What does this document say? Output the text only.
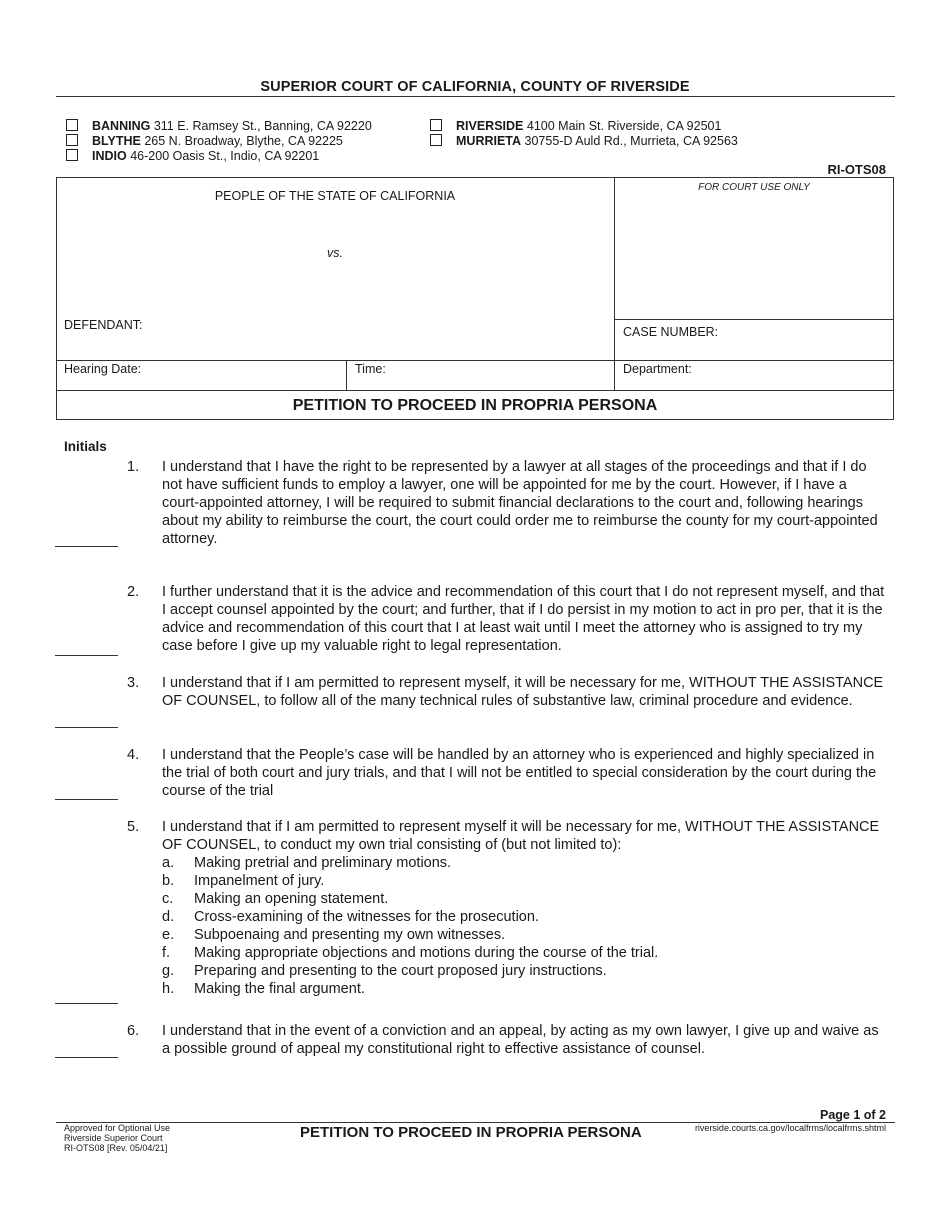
SUPERIOR COURT OF CALIFORNIA, COUNTY OF RIVERSIDE
BANNING 311 E. Ramsey St., Banning, CA 92220
BLYTHE 265 N. Broadway, Blythe, CA 92225
INDIO 46-200 Oasis St., Indio, CA 92201
RIVERSIDE 4100 Main St. Riverside, CA 92501
MURRIETA 30755-D Auld Rd., Murrieta, CA 92563
RI-OTS08
PEOPLE OF THE STATE OF CALIFORNIA
vs.
DEFENDANT:
FOR COURT USE ONLY
CASE NUMBER:
Hearing Date:	Time:	Department:
PETITION TO PROCEED IN PROPRIA PERSONA
Initials
1. I understand that I have the right to be represented by a lawyer at all stages of the proceedings and that if I do not have sufficient funds to employ a lawyer, one will be appointed for me by the court. However, if I have a court-appointed attorney, I will be required to submit financial declarations to the court and, following hearings about my ability to reimburse the court, the court could order me to reimburse the county for my court-appointed attorney.
2. I further understand that it is the advice and recommendation of this court that I do not represent myself, and that I accept counsel appointed by the court; and further, that if I do persist in my motion to act in pro per, that it is the advice and recommendation of this court that I at least wait until I meet the attorney who is assigned to try my case before I give up my valuable right to legal representation.
3. I understand that if I am permitted to represent myself, it will be necessary for me, WITHOUT THE ASSISTANCE OF COUNSEL, to follow all of the many technical rules of substantive law, criminal procedure and evidence.
4. I understand that the People’s case will be handled by an attorney who is experienced and highly specialized in the trial of both court and jury trials, and that I will not be entitled to special consideration by the court during the course of the trial
5. I understand that if I am permitted to represent myself it will be necessary for me, WITHOUT THE ASSISTANCE OF COUNSEL, to conduct my own trial consisting of (but not limited to):
a. Making pretrial and preliminary motions.
b. Impanelment of jury.
c. Making an opening statement.
d. Cross-examining of the witnesses for the prosecution.
e. Subpoenaing and presenting my own witnesses.
f. Making appropriate objections and motions during the course of the trial.
g. Preparing and presenting to the court proposed jury instructions.
h. Making the final argument.
6. I understand that in the event of a conviction and an appeal, by acting as my own lawyer, I give up and waive as a possible ground of appeal my constitutional right to effective assistance of counsel.
Page 1 of 2
Approved for Optional Use
Riverside Superior Court
RI-OTS08 [Rev. 05/04/21]
PETITION TO PROCEED IN PROPRIA PERSONA	riverside.courts.ca.gov/localfrms/localfrms.shtml
